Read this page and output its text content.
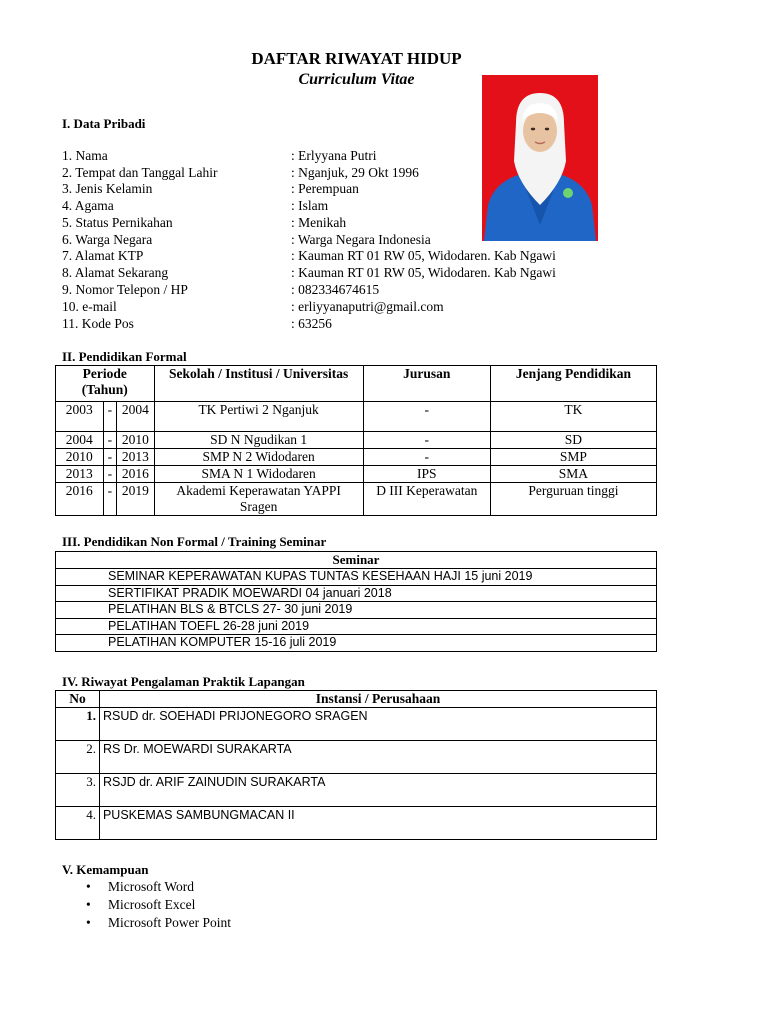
DAFTAR RIWAYAT HIDUP
Curriculum Vitae
I. Data Pribadi
1. Nama	: Erlyyana Putri
2. Tempat dan Tanggal Lahir	: Nganjuk, 29 Okt 1996
3. Jenis Kelamin	: Perempuan
4. Agama	: Islam
5. Status Pernikahan	: Menikah
6. Warga Negara	: Warga Negara Indonesia
7. Alamat KTP	: Kauman RT 01 RW 05, Widodaren. Kab Ngawi
8. Alamat Sekarang	: Kauman RT 01 RW 05, Widodaren. Kab Ngawi
9. Nomor Telepon / HP	: 082334674615
10. e-mail	: erliyyanaputri@gmail.com
11. Kode Pos	: 63256
II. Pendidikan Formal
Periode (Tahun)			Sekolah / Institusi / Universitas	Jurusan	Jenjang Pendidikan
2003	-	2004	TK Pertiwi 2 Nganjuk	-	TK
2004	-	2010	SD N Ngudikan 1	-	SD
2010	-	2013	SMP N 2 Widodaren	-	SMP
2013	-	2016	SMA N 1 Widodaren	IPS	SMA
2016	-	2019	Akademi Keperawatan YAPPI Sragen	D III Keperawatan	Perguruan tinggi
III. Pendidikan Non Formal / Training Seminar
Seminar
SEMINAR KEPERAWATAN KUPAS TUNTAS KESEHAAN HAJI 15 juni 2019
SERTIFIKAT PRADIK MOEWARDI 04 januari 2018
PELATIHAN BLS & BTCLS 27- 30 juni 2019
PELATIHAN TOEFL 26-28 juni 2019
PELATIHAN KOMPUTER 15-16 juli 2019
IV. Riwayat Pengalaman Praktik Lapangan
No	Instansi / Perusahaan
1.	RSUD dr. SOEHADI PRIJONEGORO SRAGEN
2.	RS Dr. MOEWARDI SURAKARTA
3.	RSJD dr. ARIF ZAINUDIN SURAKARTA
4.	PUSKEMAS SAMBUNGMACAN II
V. Kemampuan
• Microsoft Word
• Microsoft Excel
• Microsoft Power Point
